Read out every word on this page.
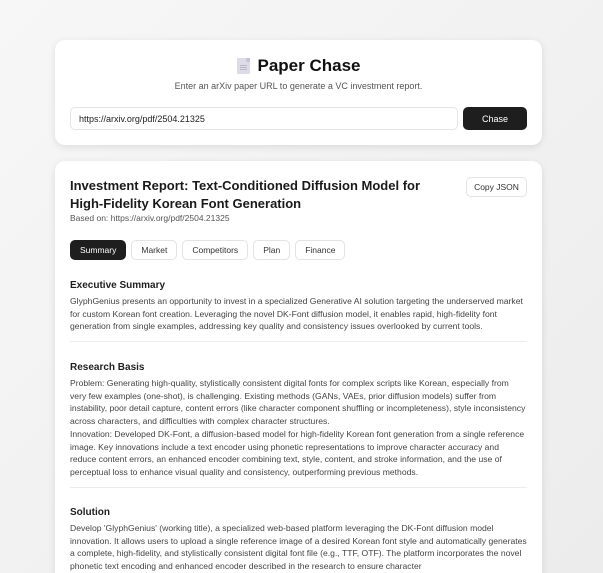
Paper Chase
Enter an arXiv paper URL to generate a VC investment report.
https://arxiv.org/pdf/2504.21325
Chase
Investment Report: Text-Conditioned Diffusion Model for High-Fidelity Korean Font Generation
Based on: https://arxiv.org/pdf/2504.21325
Copy JSON
Summary	Market	Competitors	Plan	Finance
Executive Summary

GlyphGenius presents an opportunity to invest in a specialized Generative AI solution targeting the underserved market for custom Korean font creation. Leveraging the novel DK-Font diffusion model, it enables rapid, high-fidelity font generation from single examples, addressing key quality and consistency issues overlooked by current tools.

Research Basis

Problem: Generating high-quality, stylistically consistent digital fonts for complex scripts like Korean, especially from very few examples (one-shot), is challenging. Existing methods (GANs, VAEs, prior diffusion models) suffer from instability, poor detail capture, content errors (like character component shuffling or incompleteness), style inconsistency across characters, and difficulties with complex character structures.

Innovation: Developed DK-Font, a diffusion-based model for high-fidelity Korean font generation from a single reference image. Key innovations include a text encoder using phonetic representations to improve character accuracy and reduce content errors, an enhanced encoder combining text, style, content, and stroke information, and the use of perceptual loss to enhance visual quality and consistency, outperforming previous methods.

Solution

Develop 'GlyphGenius' (working title), a specialized web-based platform leveraging the DK-Font diffusion model innovation. It allows users to upload a single reference image of a desired Korean font style and automatically generates a complete, high-fidelity, and stylistically consistent digital font file (e.g., TTF, OTF). The platform incorporates the novel phonetic text encoding and enhanced encoder described in the research to ensure character
